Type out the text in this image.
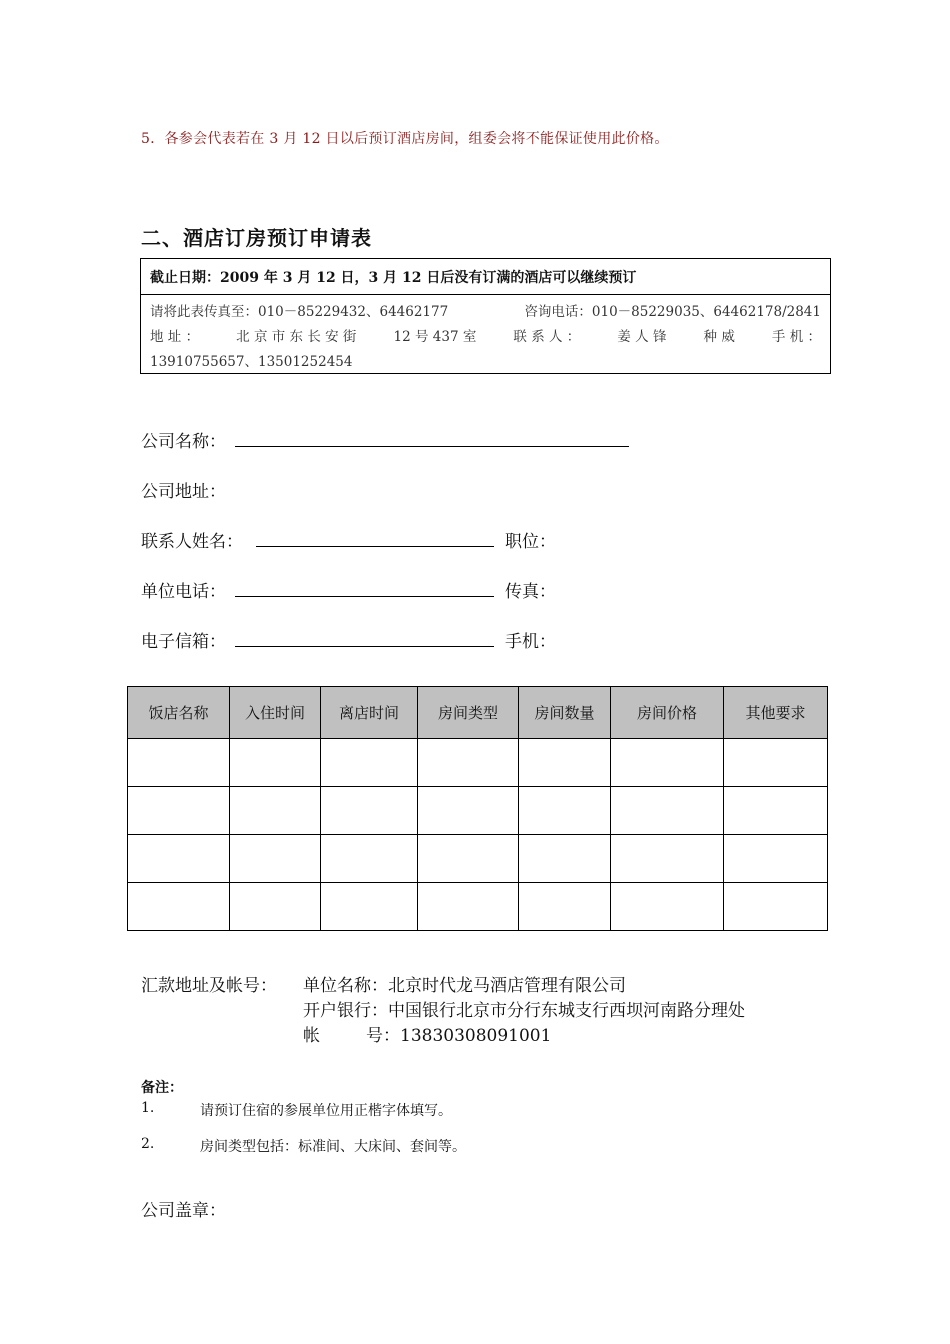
5．各参会代表若在 3 月 12 日以后预订酒店房间，组委会将不能保证使用此价格。
二、酒店订房预订申请表
截止日期：2009 年 3 月 12 日，3 月 12 日后没有订满的酒店可以继续预订
请将此表传真至：010－85229432、64462177	咨询电话：010－85229035、64462178/2841
地 址 ：	北 京 市 东 长 安 街	12 号 437 室	联 系 人 ：	姜 人 锋	种 威	手 机 ：
13910755657、13501252454
公司名称：
公司地址：
联系人姓名：	职位：
单位电话：	传真：
电子信箱：	手机：
饭店名称	入住时间	离店时间	房间类型	房间数量	房间价格	其他要求

汇款地址及帐号： 单位名称：北京时代龙马酒店管理有限公司
开户银行：中国银行北京市分行东城支行西坝河南路分理处
帐	号：13830308091001
备注：
1.	请预订住宿的参展单位用正楷字体填写。
2.	房间类型包括：标准间、大床间、套间等。
公司盖章：
